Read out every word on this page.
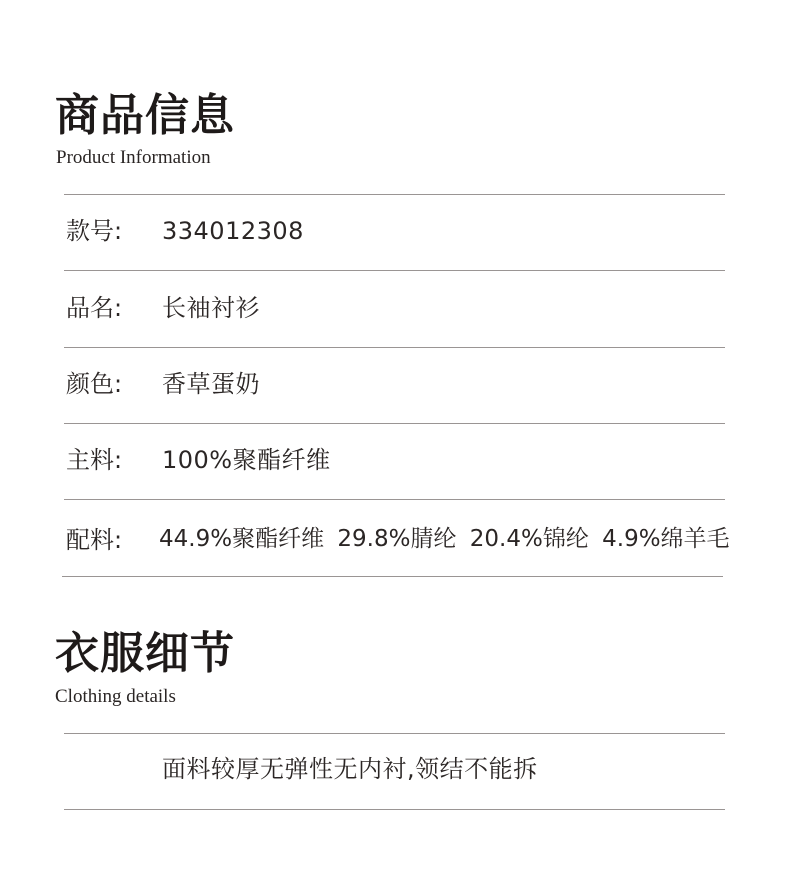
商品信息

Product Information

款号: 334012308
品名: 长袖衬衫
颜色: 香草蛋奶
主料: 100%聚酯纤维
配料: 44.9%聚酯纤维 29.8%腈纶 20.4%锦纶 4.9%绵羊毛
衣服细节

Clothing details

面料较厚无弹性无内衬,领结不能拆
